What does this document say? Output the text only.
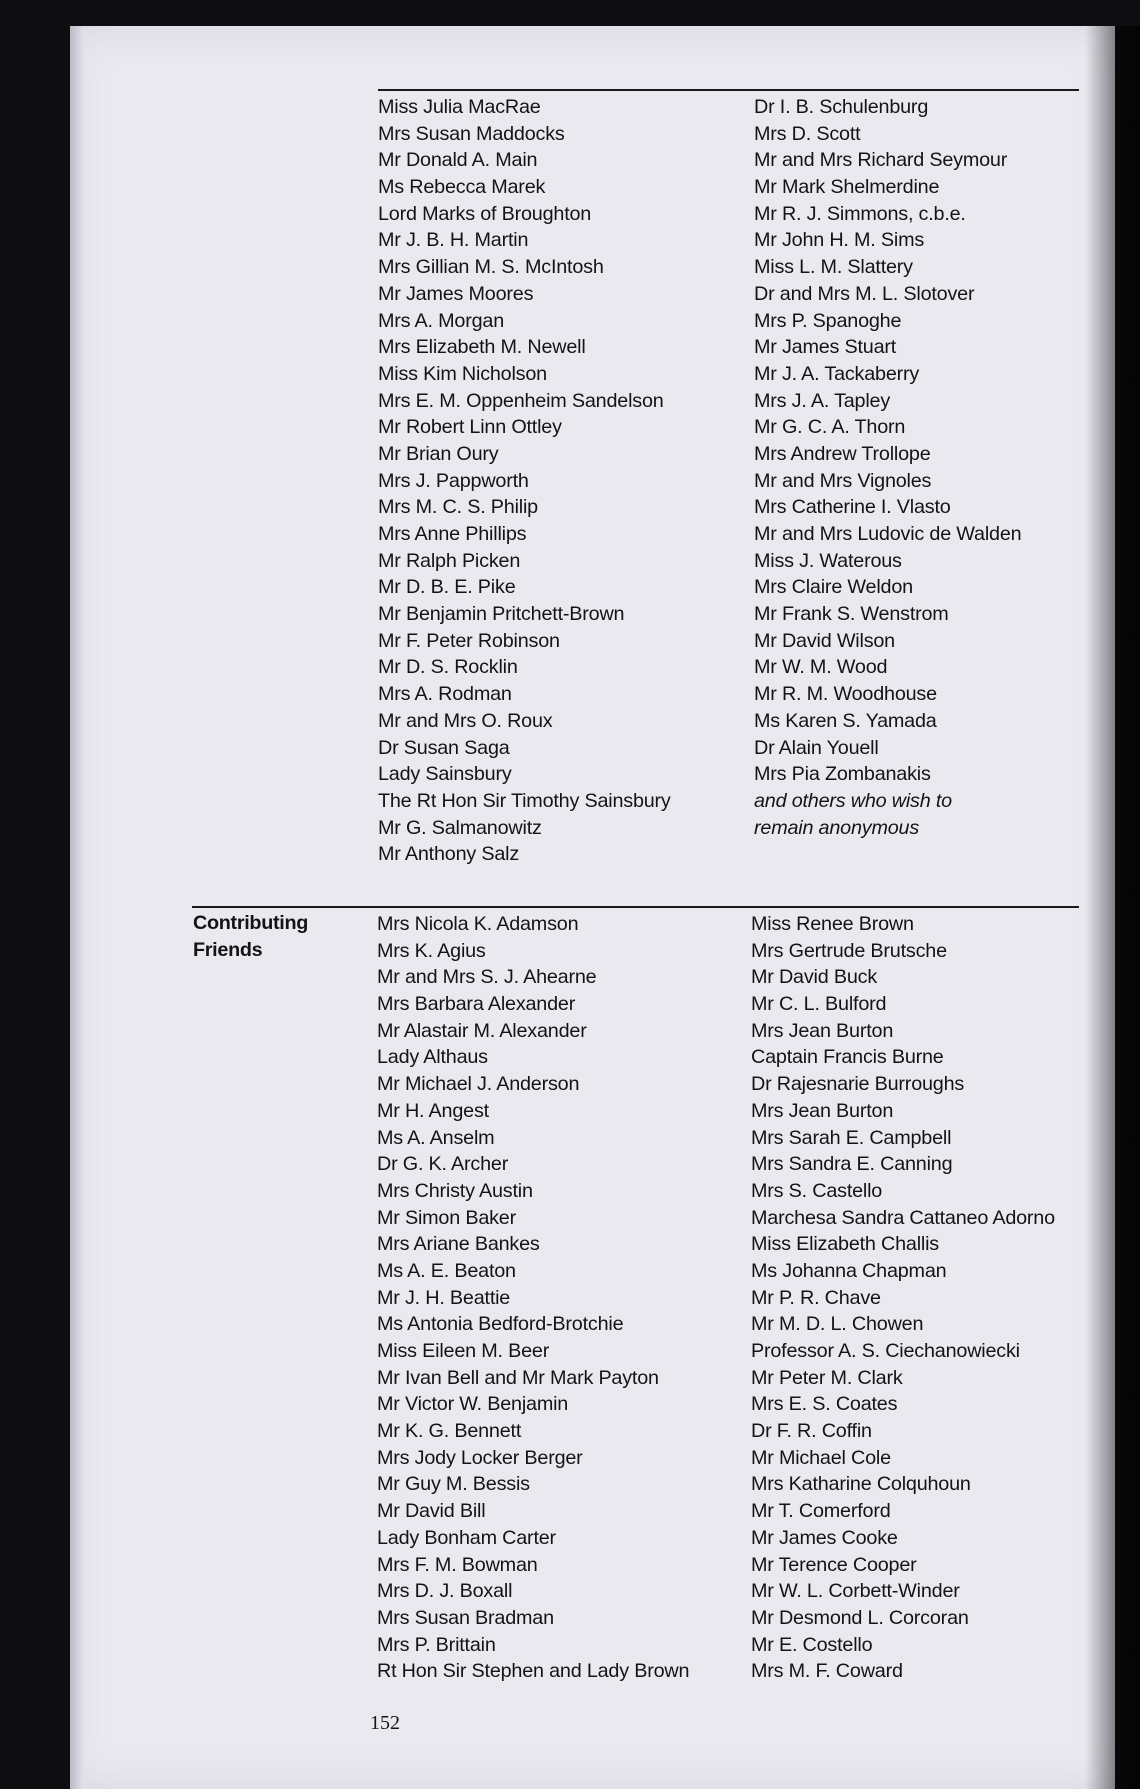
Miss Julia MacRae
Mrs Susan Maddocks
Mr Donald A. Main
Ms Rebecca Marek
Lord Marks of Broughton
Mr J. B. H. Martin
Mrs Gillian M. S. McIntosh
Mr James Moores
Mrs A. Morgan
Mrs Elizabeth M. Newell
Miss Kim Nicholson
Mrs E. M. Oppenheim Sandelson
Mr Robert Linn Ottley
Mr Brian Oury
Mrs J. Pappworth
Mrs M. C. S. Philip
Mrs Anne Phillips
Mr Ralph Picken
Mr D. B. E. Pike
Mr Benjamin Pritchett-Brown
Mr F. Peter Robinson
Mr D. S. Rocklin
Mrs A. Rodman
Mr and Mrs O. Roux
Dr Susan Saga
Lady Sainsbury
The Rt Hon Sir Timothy Sainsbury
Mr G. Salmanowitz
Mr Anthony Salz
Dr I. B. Schulenburg
Mrs D. Scott
Mr and Mrs Richard Seymour
Mr Mark Shelmerdine
Mr R. J. Simmons, c.b.e.
Mr John H. M. Sims
Miss L. M. Slattery
Dr and Mrs M. L. Slotover
Mrs P. Spanoghe
Mr James Stuart
Mr J. A. Tackaberry
Mrs J. A. Tapley
Mr G. C. A. Thorn
Mrs Andrew Trollope
Mr and Mrs Vignoles
Mrs Catherine I. Vlasto
Mr and Mrs Ludovic de Walden
Miss J. Waterous
Mrs Claire Weldon
Mr Frank S. Wenstrom
Mr David Wilson
Mr W. M. Wood
Mr R. M. Woodhouse
Ms Karen S. Yamada
Dr Alain Youell
Mrs Pia Zombanakis
and others who wish to
remain anonymous
Contributing
Friends
Mrs Nicola K. Adamson
Mrs K. Agius
Mr and Mrs S. J. Ahearne
Mrs Barbara Alexander
Mr Alastair M. Alexander
Lady Althaus
Mr Michael J. Anderson
Mr H. Angest
Ms A. Anselm
Dr G. K. Archer
Mrs Christy Austin
Mr Simon Baker
Mrs Ariane Bankes
Ms A. E. Beaton
Mr J. H. Beattie
Ms Antonia Bedford-Brotchie
Miss Eileen M. Beer
Mr Ivan Bell and Mr Mark Payton
Mr Victor W. Benjamin
Mr K. G. Bennett
Mrs Jody Locker Berger
Mr Guy M. Bessis
Mr David Bill
Lady Bonham Carter
Mrs F. M. Bowman
Mrs D. J. Boxall
Mrs Susan Bradman
Mrs P. Brittain
Rt Hon Sir Stephen and Lady Brown
Miss Renee Brown
Mrs Gertrude Brutsche
Mr David Buck
Mr C. L. Bulford
Mrs Jean Burton
Captain Francis Burne
Dr Rajesnarie Burroughs
Mrs Jean Burton
Mrs Sarah E. Campbell
Mrs Sandra E. Canning
Mrs S. Castello
Marchesa Sandra Cattaneo Adorno
Miss Elizabeth Challis
Ms Johanna Chapman
Mr P. R. Chave
Mr M. D. L. Chowen
Professor A. S. Ciechanowiecki
Mr Peter M. Clark
Mrs E. S. Coates
Dr F. R. Coffin
Mr Michael Cole
Mrs Katharine Colquhoun
Mr T. Comerford
Mr James Cooke
Mr Terence Cooper
Mr W. L. Corbett-Winder
Mr Desmond L. Corcoran
Mr E. Costello
Mrs M. F. Coward
152
